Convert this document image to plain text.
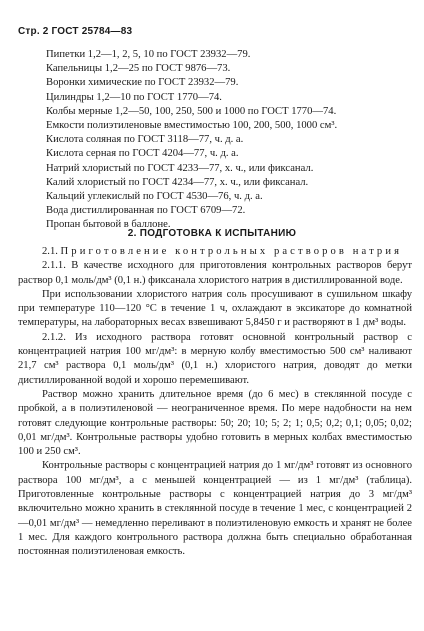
Стр. 2 ГОСТ 25784—83
Пипетки 1,2—1, 2, 5, 10 по ГОСТ 23932—79.
Капельницы 1,2—25 по ГОСТ 9876—73.
Воронки химические по ГОСТ 23932—79.
Цилиндры 1,2—10 по ГОСТ 1770—74.
Колбы мерные 1,2—50, 100, 250, 500 и 1000 по ГОСТ 1770—74.
Емкости полиэтиленовые вместимостью 100, 200, 500, 1000 см³.
Кислота соляная по ГОСТ 3118—77, ч. д. а.
Кислота серная по ГОСТ 4204—77, ч. д. а.
Натрий хлористый по ГОСТ 4233—77, х. ч., или фиксанал.
Калий хлористый по ГОСТ 4234—77, х. ч., или фиксанал.
Кальций углекислый по ГОСТ 4530—76, ч. д. а.
Вода дистиллированная по ГОСТ 6709—72.
Пропан бытовой в баллоне.
2. ПОДГОТОВКА К ИСПЫТАНИЮ

2.1. Приготовление контрольных растворов натрия

2.1.1. В качестве исходного для приготовления контрольных растворов берут раствор 0,1 моль/дм³ (0,1 н.) фиксанала хлористого натрия в дистиллированной воде.

При использовании хлористого натрия соль просушивают в сушильном шкафу при температуре 110—120 °С в течение 1 ч, охлаждают в эксикаторе до комнатной температуры, на лабораторных весах взвешивают 5,8450 г и растворяют в 1 дм³ воды.

2.1.2. Из исходного раствора готовят основной контрольный раствор с концентрацией натрия 100 мг/дм³: в мерную колбу вместимостью 500 см³ наливают 21,7 см³ раствора 0,1 моль/дм³ (0,1 н.) хлористого натрия, доводят до метки дистиллированной водой и хорошо перемешивают.

Раствор можно хранить длительное время (до 6 мес) в стеклянной посуде с пробкой, а в полиэтиленовой — неограниченное время. По мере надобности на нем готовят следующие контрольные растворы: 50; 20; 10; 5; 2; 1; 0,5; 0,2; 0,1; 0,05; 0,02; 0,01 мг/дм³. Контрольные растворы удобно готовить в мерных колбах вместимостью 100 и 250 см³.

Контрольные растворы с концентрацией натрия до 1 мг/дм³ готовят из основного раствора 100 мг/дм³, а с меньшей концентрацией — из 1 мг/дм³ (таблица). Приготовленные контрольные растворы с концентрацией натрия до 3 мг/дм³ включительно можно хранить в стеклянной посуде в течение 1 мес, с концентрацией 2—0,01 мг/дм³ — немедленно переливают в полиэтиленовую емкость и хранят не более 1 мес. Для каждого контрольного раствора должна быть специально обработанная постоянная полиэтиленовая емкость.
